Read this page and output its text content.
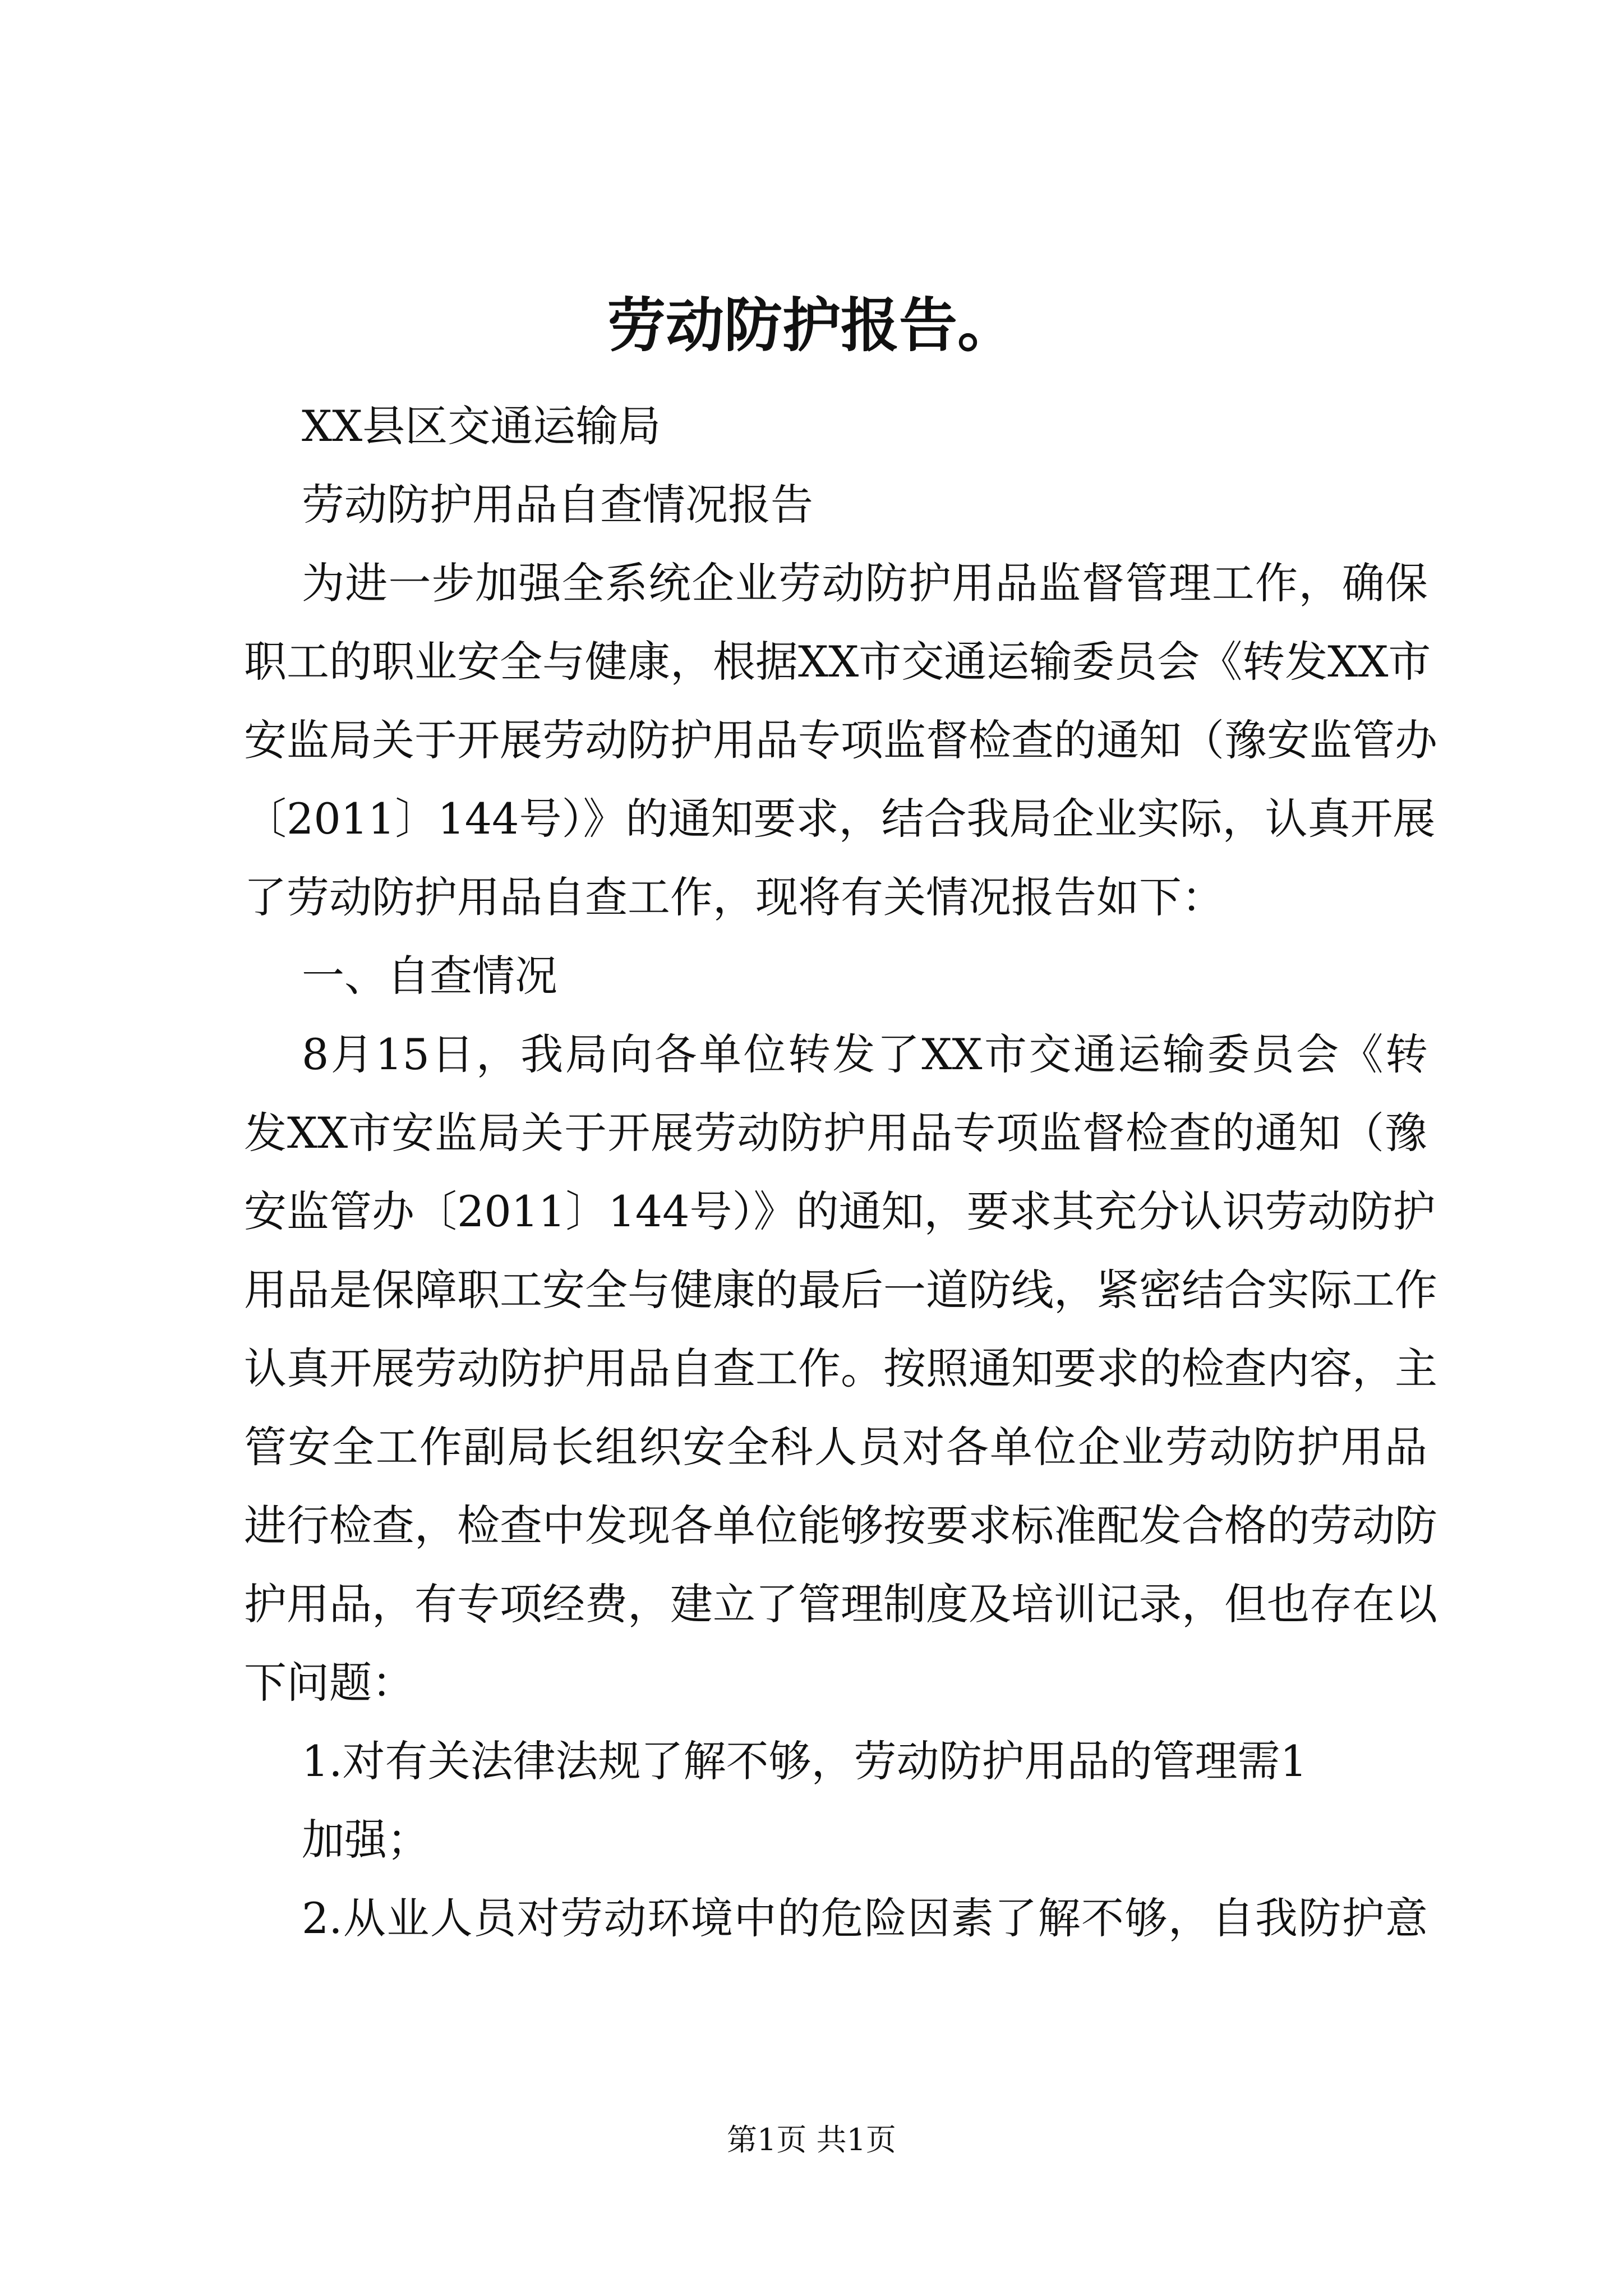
劳动防护报告。
XX县区交通运输局
劳动防护用品自查情况报告
为进一步加强全系统企业劳动防护用品监督管理工作，确保
职工的职业安全与健康，根据XX市交通运输委员会《转发XX市
安监局关于开展劳动防护用品专项监督检查的通知（豫安监管办
〔2011〕144号）》的通知要求，结合我局企业实际，认真开展
了劳动防护用品自查工作，现将有关情况报告如下：
一、自查情况
8月15日，我局向各单位转发了XX市交通运输委员会《转
发XX市安监局关于开展劳动防护用品专项监督检查的通知（豫
安监管办〔2011〕144号）》的通知，要求其充分认识劳动防护
用品是保障职工安全与健康的最后一道防线，紧密结合实际工作
认真开展劳动防护用品自查工作。按照通知要求的检查内容，主
管安全工作副局长组织安全科人员对各单位企业劳动防护用品
进行检查，检查中发现各单位能够按要求标准配发合格的劳动防
护用品，有专项经费，建立了管理制度及培训记录，但也存在以
下问题：
1.对有关法律法规了解不够，劳动防护用品的管理需1
加强；
2.从业人员对劳动环境中的危险因素了解不够，自我防护意
第1页 共1页
